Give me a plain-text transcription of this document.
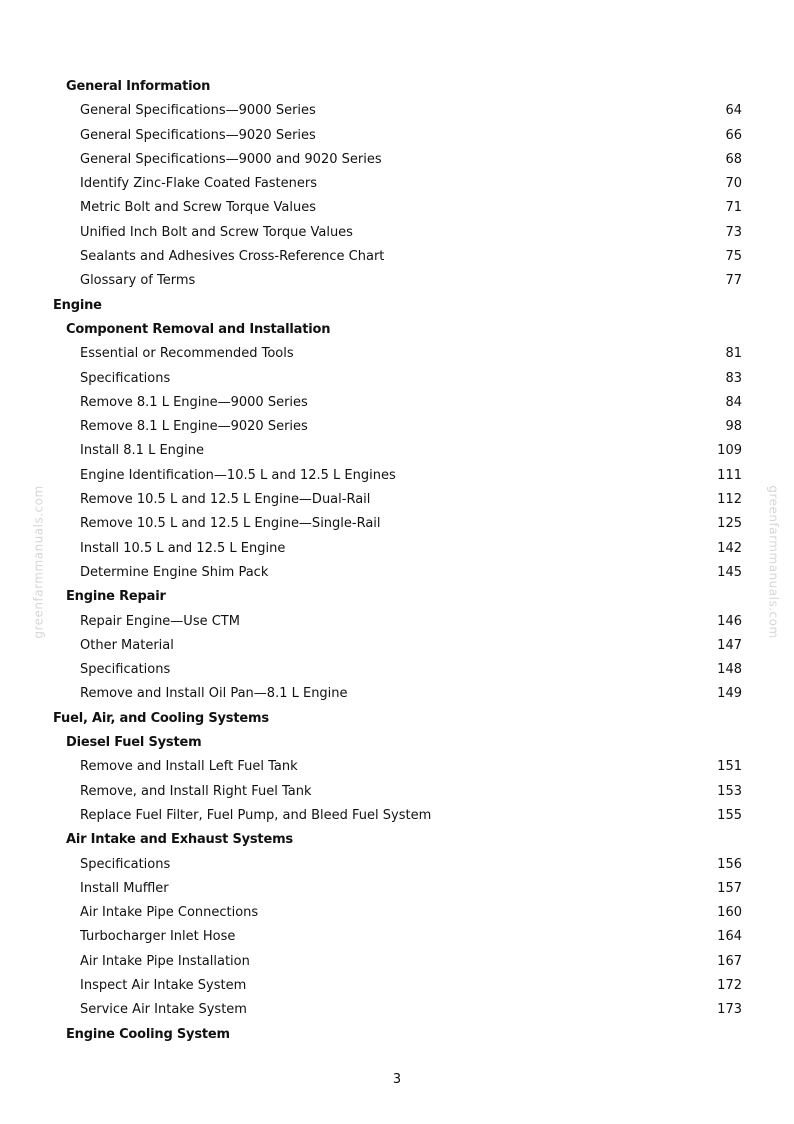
greenfarmmanuals.com	greenfarmmanuals.com
General Information
General Specifications—9000 Series	64
General Specifications—9020 Series	66
General Specifications—9000 and 9020 Series	68
Identify Zinc-Flake Coated Fasteners	70
Metric Bolt and Screw Torque Values	71
Unified Inch Bolt and Screw Torque Values	73
Sealants and Adhesives Cross-Reference Chart	75
Glossary of Terms	77
Engine
Component Removal and Installation
Essential or Recommended Tools	81
Specifications	83
Remove 8.1 L Engine—9000 Series	84
Remove 8.1 L Engine—9020 Series	98
Install 8.1 L Engine	109
Engine Identification—10.5 L and 12.5 L Engines	111
Remove 10.5 L and 12.5 L Engine—Dual-Rail	112
Remove 10.5 L and 12.5 L Engine—Single-Rail	125
Install 10.5 L and 12.5 L Engine	142
Determine Engine Shim Pack	145
Engine Repair
Repair Engine—Use CTM	146
Other Material	147
Specifications	148
Remove and Install Oil Pan—8.1 L Engine	149
Fuel, Air, and Cooling Systems
Diesel Fuel System
Remove and Install Left Fuel Tank	151
Remove, and Install Right Fuel Tank	153
Replace Fuel Filter, Fuel Pump, and Bleed Fuel System	155
Air Intake and Exhaust Systems
Specifications	156
Install Muffler	157
Air Intake Pipe Connections	160
Turbocharger Inlet Hose	164
Air Intake Pipe Installation	167
Inspect Air Intake System	172
Service Air Intake System	173
Engine Cooling System
3
